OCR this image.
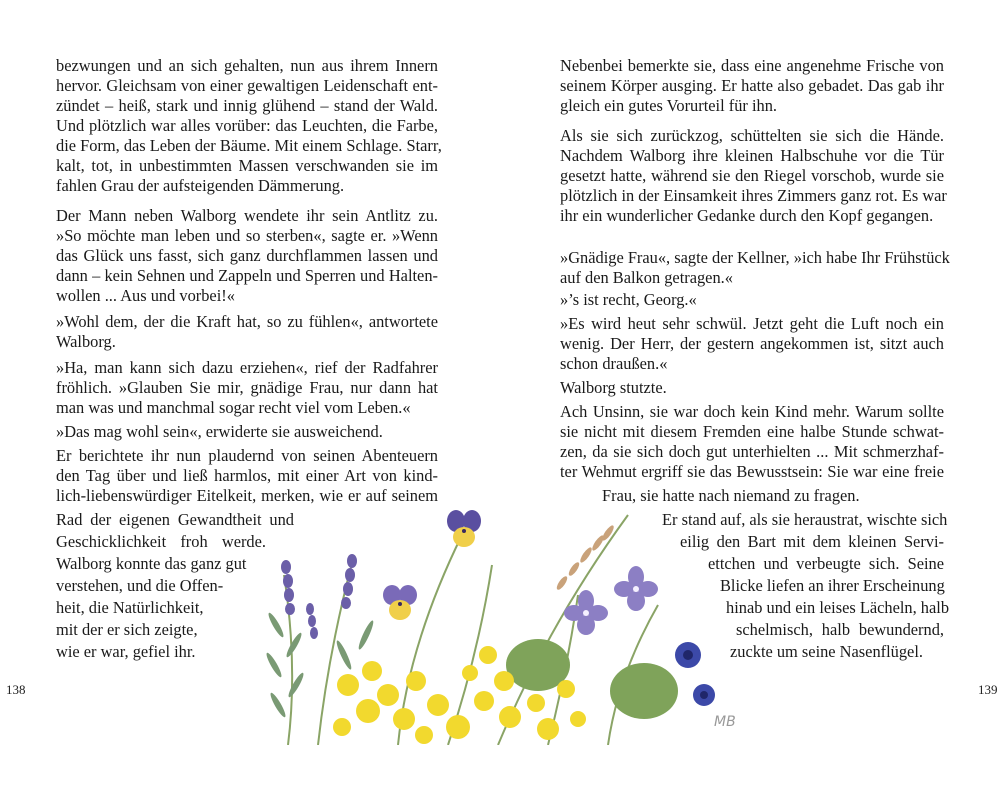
bezwungen und an sich gehalten, nun aus ihrem Innern
hervor. Gleichsam von einer gewaltigen Leidenschaft ent-
zündet – heiß, stark und innig glühend – stand der Wald.
Und plötzlich war alles vorüber: das Leuchten, die Farbe,
die Form, das Leben der Bäume. Mit einem Schlage. Starr,
kalt, tot, in unbestimmten Massen verschwanden sie im
fahlen Grau der aufsteigenden Dämmerung.
Der Mann neben Walborg wendete ihr sein Antlitz zu.
»So möchte man leben und so sterben«, sagte er. »Wenn
das Glück uns fasst, sich ganz durchflammen lassen und
dann – kein Sehnen und Zappeln und Sperren und Halten-
wollen ... Aus und vorbei!«
»Wohl dem, der die Kraft hat, so zu fühlen«, antwortete
Walborg.
»Ha, man kann sich dazu erziehen«, rief der Radfahrer
fröhlich. »Glauben Sie mir, gnädige Frau, nur dann hat
man was und manchmal sogar recht viel vom Leben.«
»Das mag wohl sein«, erwiderte sie ausweichend.
Er berichtete ihr nun plaudernd von seinen Abenteuern
den Tag über und ließ harmlos, mit einer Art von kind-
lich-liebenswürdiger Eitelkeit, merken, wie er auf seinem
Rad der eigenen Gewandtheit und
Geschicklichkeit froh werde.
Walborg konnte das ganz gut
verstehen, und die Offen-
heit, die Natürlichkeit,
mit der er sich zeigte,
wie er war, gefiel ihr.
Nebenbei bemerkte sie, dass eine angenehme Frische von
seinem Körper ausging. Er hatte also gebadet. Das gab ihr
gleich ein gutes Vorurteil für ihn.
Als sie sich zurückzog, schüttelten sie sich die Hände.
Nachdem Walborg ihre kleinen Halbschuhe vor die Tür
gesetzt hatte, während sie den Riegel vorschob, wurde sie
plötzlich in der Einsamkeit ihres Zimmers ganz rot. Es war
ihr ein wunderlicher Gedanke durch den Kopf gegangen.
»Gnädige Frau«, sagte der Kellner, »ich habe Ihr Frühstück
auf den Balkon getragen.«
»’s ist recht, Georg.«
»Es wird heut sehr schwül. Jetzt geht die Luft noch ein
wenig. Der Herr, der gestern angekommen ist, sitzt auch
schon draußen.«
Walborg stutzte.
Ach Unsinn, sie war doch kein Kind mehr. Warum sollte
sie nicht mit diesem Fremden eine halbe Stunde schwat-
zen, da sie sich doch gut unterhielten ... Mit schmerzhaf-
ter Wehmut ergriff sie das Bewusstsein: Sie war eine freie
Frau, sie hatte nach niemand zu fragen.
Er stand auf, als sie heraustrat, wischte sich
eilig den Bart mit dem kleinen Servi-
ettchen und verbeugte sich. Seine
Blicke liefen an ihrer Erscheinung
hinab und ein leises Lächeln, halb
schelmisch, halb bewundernd,
zuckte um seine Nasenflügel.
138	139
MB
